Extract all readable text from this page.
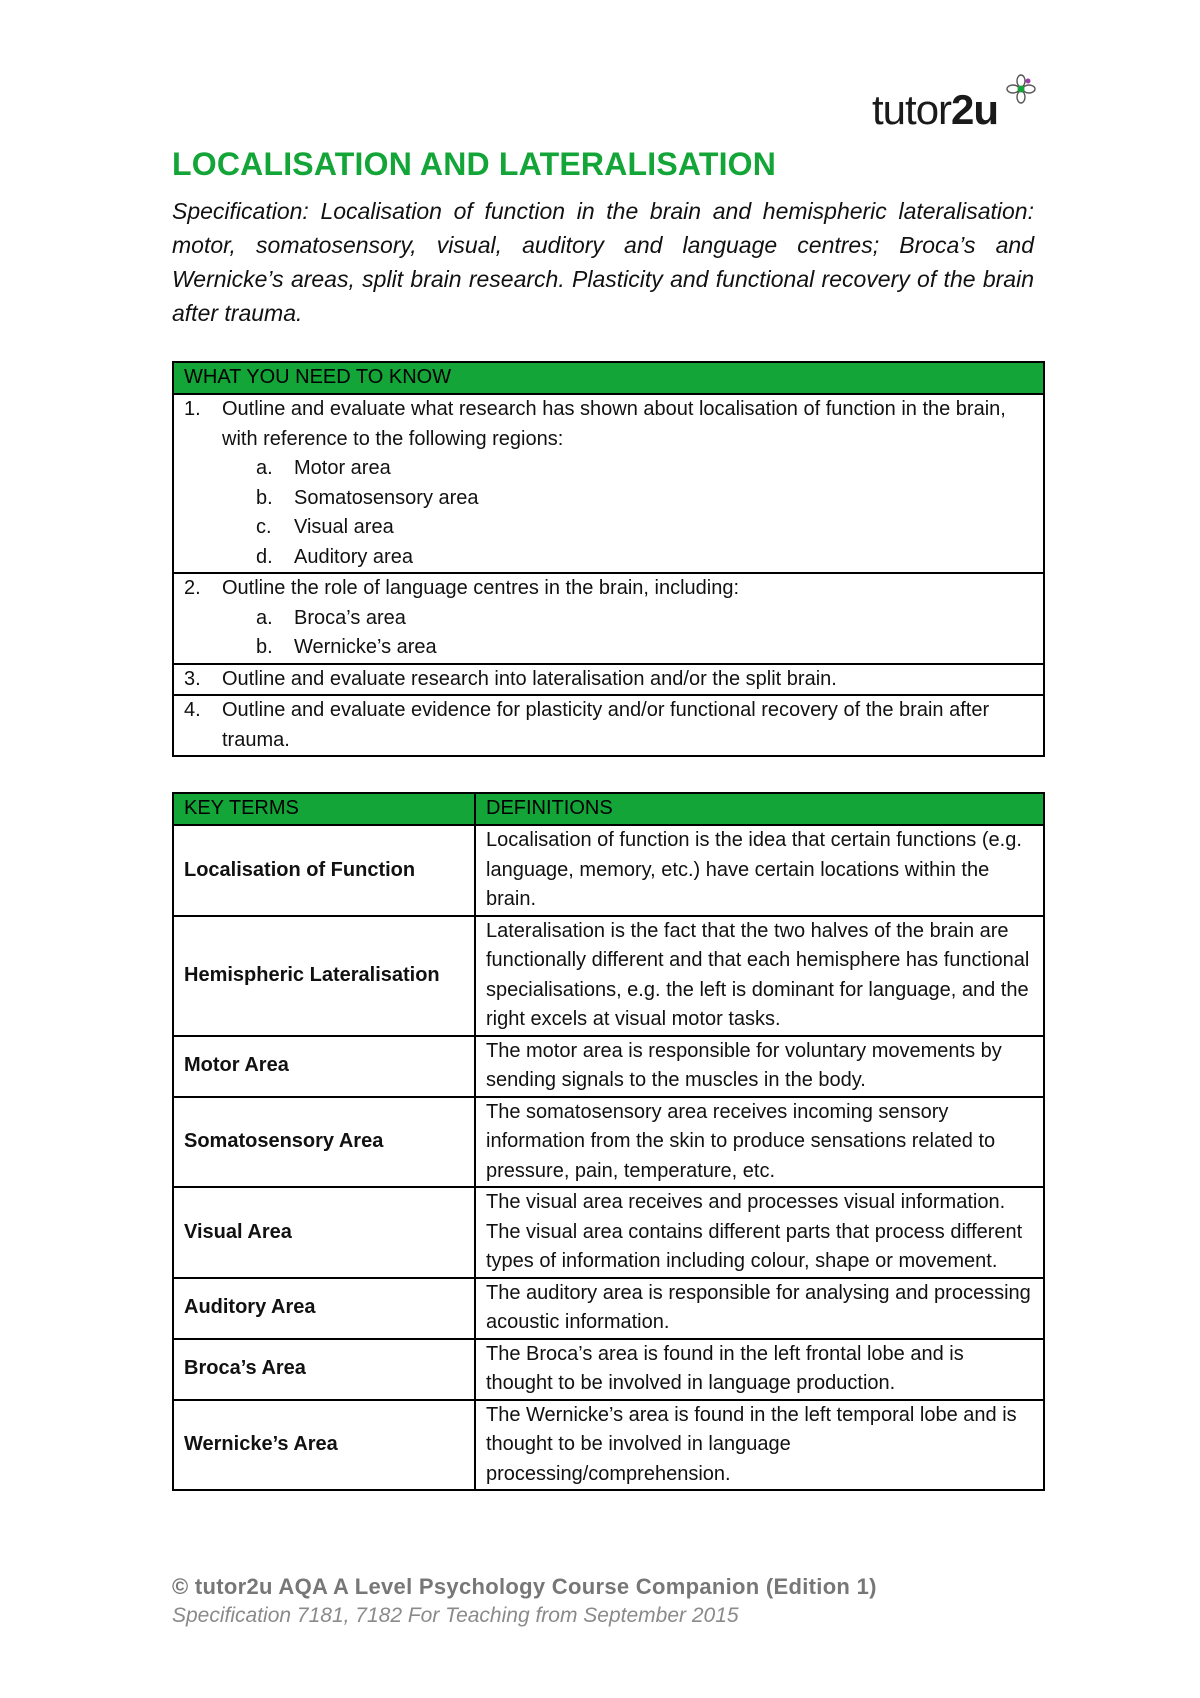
tutor2u
LOCALISATION AND LATERALISATION
Specification: Localisation of function in the brain and hemispheric lateralisation: motor, somatosensory, visual, auditory and language centres; Broca’s and Wernicke’s areas, split brain research. Plasticity and functional recovery of the brain after trauma.
WHAT YOU NEED TO KNOW

1.	Outline and evaluate what research has shown about localisation of function in the brain, with reference to the following regions:
a.	Motor area
b.	Somatosensory area
c.	Visual area
d.	Auditory area

2.	Outline the role of language centres in the brain, including:
a.	Broca’s area
b.	Wernicke’s area

3.	Outline and evaluate research into lateralisation and/or the split brain.

4.	Outline and evaluate evidence for plasticity and/or functional recovery of the brain after trauma.
KEY TERMS	DEFINITIONS
Localisation of Function	Localisation of function is the idea that certain functions (e.g. language, memory, etc.) have certain locations within the brain.
Hemispheric Lateralisation	Lateralisation is the fact that the two halves of the brain are functionally different and that each hemisphere has functional specialisations, e.g. the left is dominant for language, and the right excels at visual motor tasks.
Motor Area	The motor area is responsible for voluntary movements by sending signals to the muscles in the body.
Somatosensory Area	The somatosensory area receives incoming sensory information from the skin to produce sensations related to pressure, pain, temperature, etc.
Visual Area	The visual area receives and processes visual information. The visual area contains different parts that process different types of information including colour, shape or movement.
Auditory Area	The auditory area is responsible for analysing and processing acoustic information.
Broca’s Area	The Broca’s area is found in the left frontal lobe and is thought to be involved in language production.
Wernicke’s Area	The Wernicke’s area is found in the left temporal lobe and is thought to be involved in language processing/comprehension.
© tutor2u AQA A Level Psychology Course Companion (Edition 1)
Specification 7181, 7182 For Teaching from September 2015
